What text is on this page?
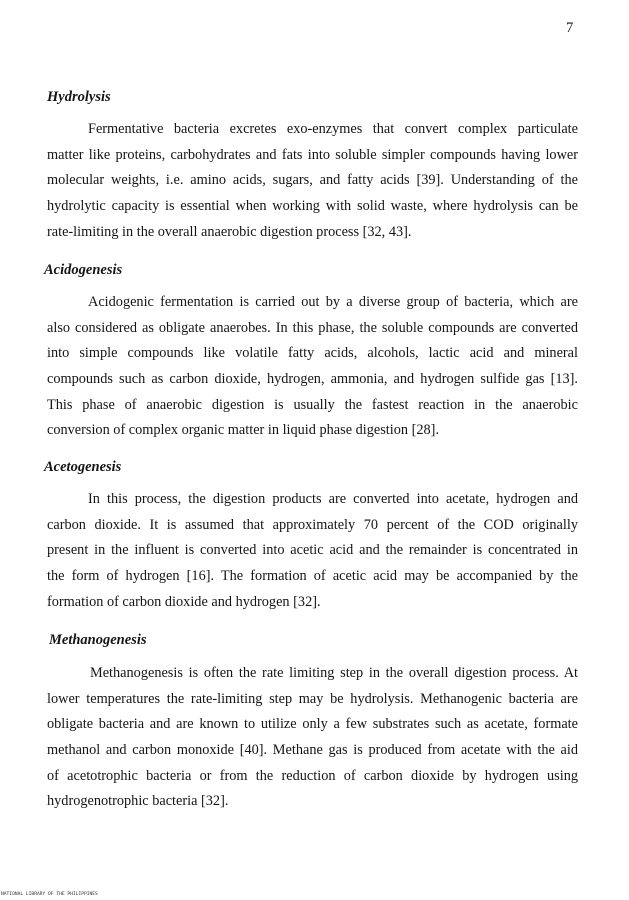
7
Hydrolysis
Fermentative bacteria excretes exo-enzymes that convert complex particulate
matter like proteins, carbohydrates and fats into soluble simpler compounds having lower
molecular weights, i.e. amino acids, sugars, and fatty acids [39]. Understanding of the
hydrolytic capacity is essential when working with solid waste, where hydrolysis can be
rate-limiting in the overall anaerobic digestion process [32, 43].
Acidogenesis
Acidogenic fermentation is carried out by a diverse group of bacteria, which are
also considered as obligate anaerobes. In this phase, the soluble compounds are converted
into simple compounds like volatile fatty acids, alcohols, lactic acid and mineral
compounds such as carbon dioxide, hydrogen, ammonia, and hydrogen sulfide gas [13].
This phase of anaerobic digestion is usually the fastest reaction in the anaerobic
conversion of complex organic matter in liquid phase digestion [28].
Acetogenesis
In this process, the digestion products are converted into acetate, hydrogen and
carbon dioxide. It is assumed that approximately 70 percent of the COD originally
present in the influent is converted into acetic acid and the remainder is concentrated in
the form of hydrogen [16]. The formation of acetic acid may be accompanied by the
formation of carbon dioxide and hydrogen [32].
Methanogenesis
Methanogenesis is often the rate limiting step in the overall digestion process. At
lower temperatures the rate-limiting step may be hydrolysis. Methanogenic bacteria are
obligate bacteria and are known to utilize only a few substrates such as acetate, formate
methanol and carbon monoxide [40]. Methane gas is produced from acetate with the aid
of acetotrophic bacteria or from the reduction of carbon dioxide by hydrogen using
hydrogenotrophic bacteria [32].
NATIONAL LIBRARY OF THE PHILIPPINES
